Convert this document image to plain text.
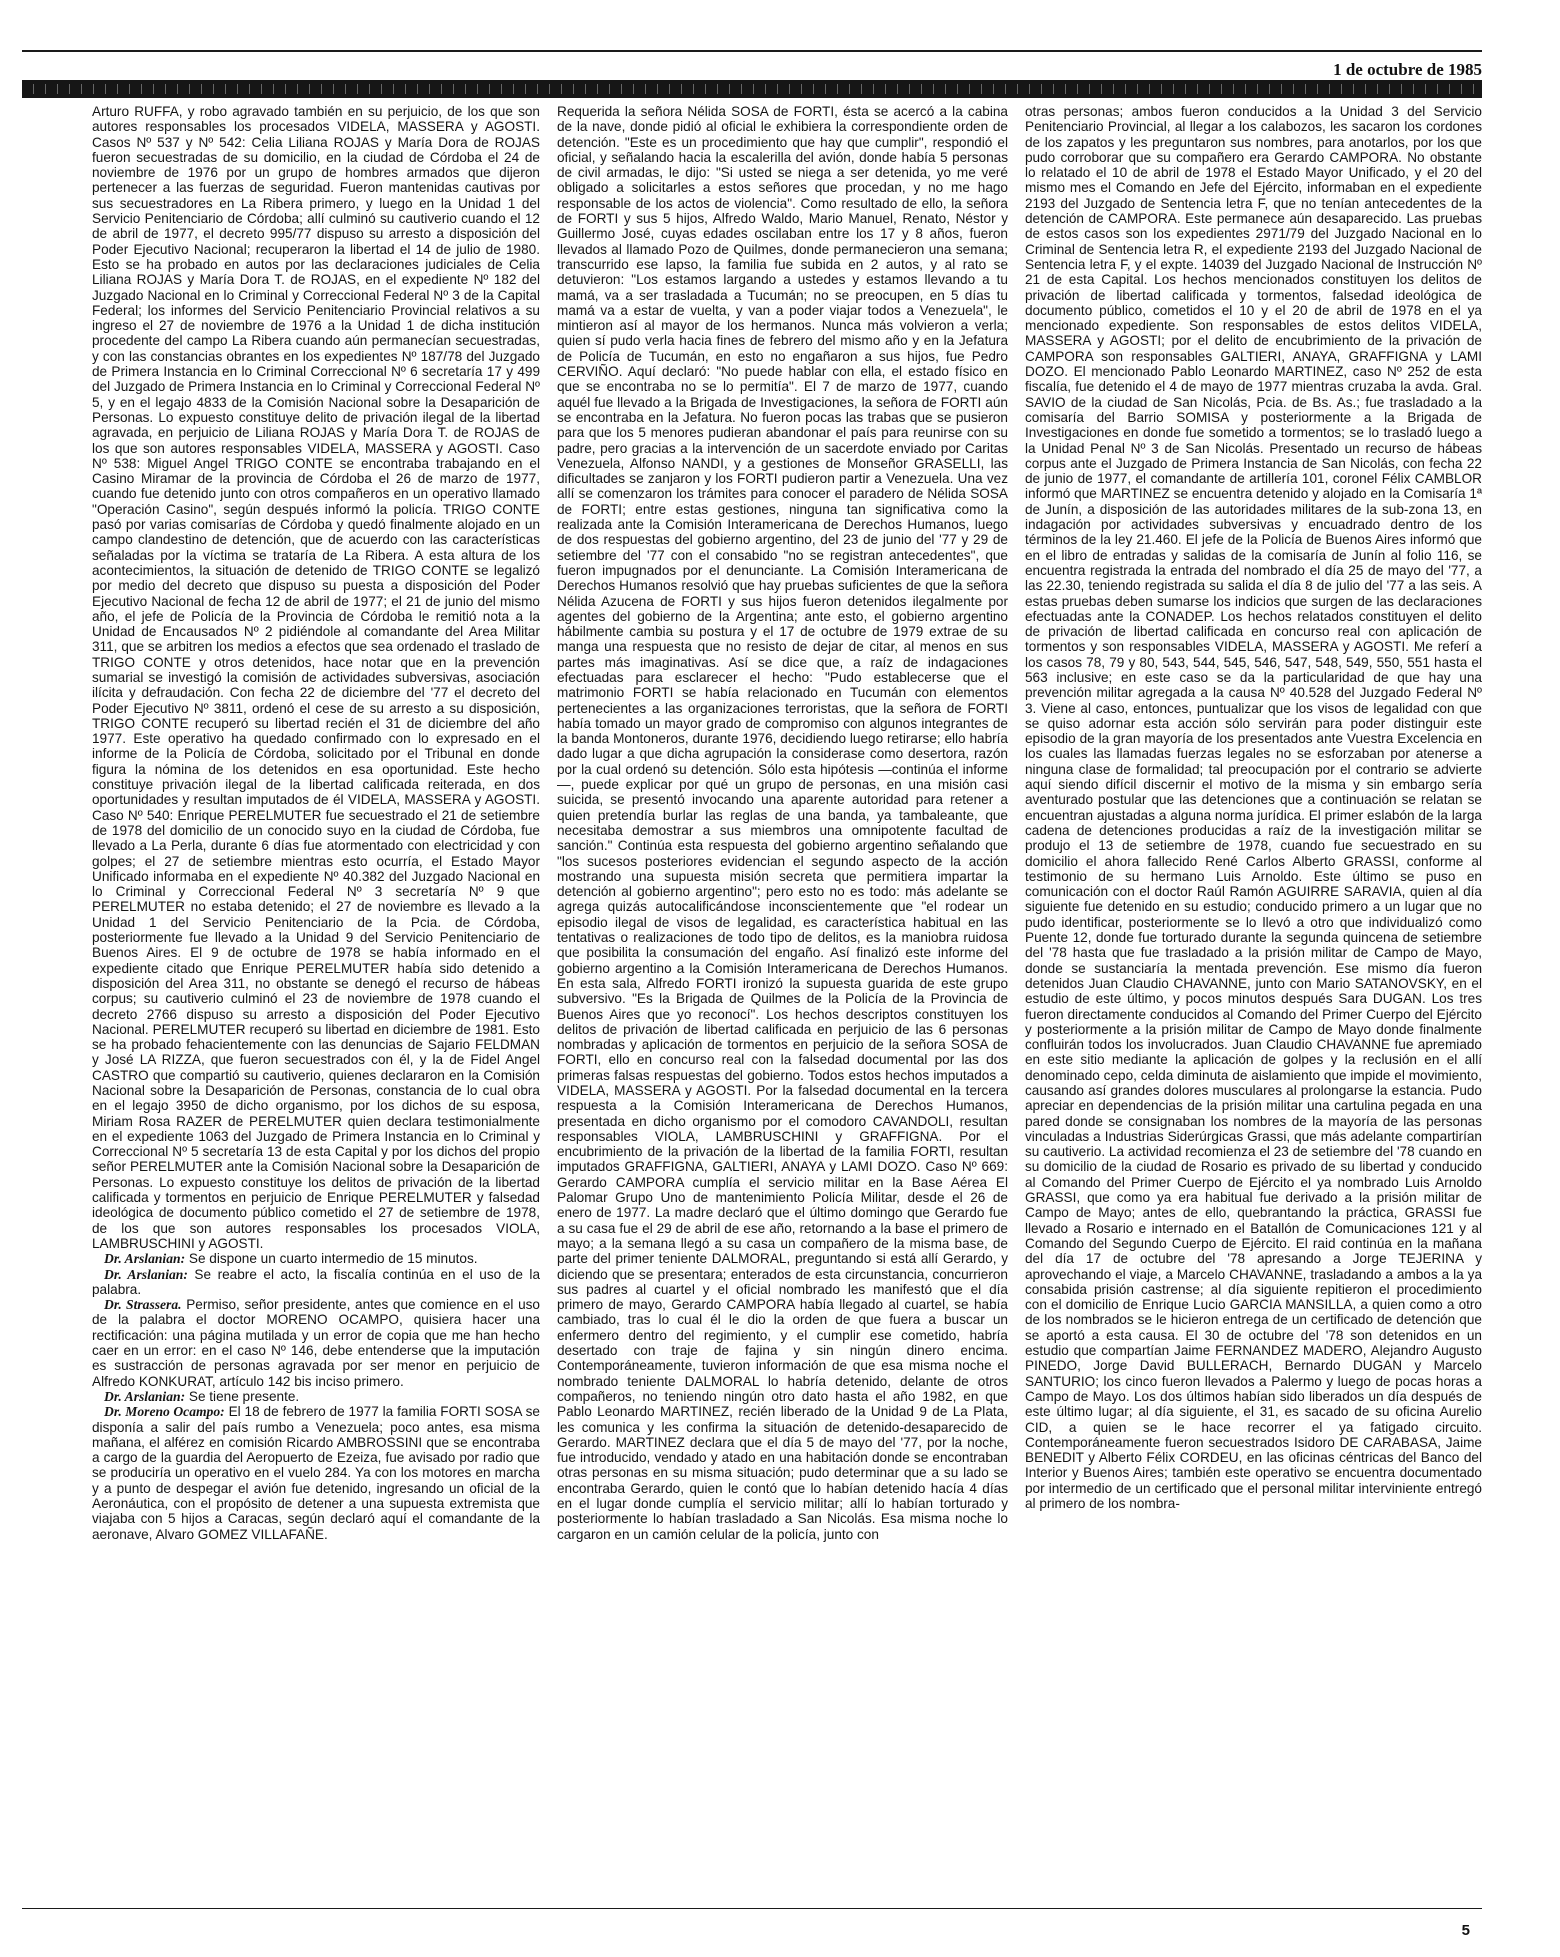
1 de octubre de 1985

Arturo RUFFA, y robo agravado también en su perjuicio, de los que son autores responsables los procesados VIDELA, MASSERA y AGOSTI. Casos Nº 537 y Nº 542: Celia Liliana ROJAS y María Dora de ROJAS fueron secuestradas de su domicilio, en la ciudad de Córdoba el 24 de noviembre de 1976 por un grupo de hombres armados que dijeron pertenecer a las fuerzas de seguridad. Fueron mantenidas cautivas por sus secuestradores en La Ribera primero, y luego en la Unidad 1 del Servicio Penitenciario de Córdoba; allí culminó su cautiverio cuando el 12 de abril de 1977, el decreto 995/77 dispuso su arresto a disposición del Poder Ejecutivo Nacional; recuperaron la libertad el 14 de julio de 1980. Esto se ha probado en autos por las declaraciones judiciales de Celia Liliana ROJAS y María Dora T. de ROJAS, en el expediente Nº 182 del Juzgado Nacional en lo Criminal y Correccional Federal Nº 3 de la Capital Federal; los informes del Servicio Penitenciario Provincial relativos a su ingreso el 27 de noviembre de 1976 a la Unidad 1 de dicha institución procedente del campo La Ribera cuando aún permanecían secuestradas, y con las constancias obrantes en los expedientes Nº 187/78 del Juzgado de Primera Instancia en lo Criminal Correccional Nº 6 secretaría 17 y 499 del Juzgado de Primera Instancia en lo Criminal y Correccional Federal Nº 5, y en el legajo 4833 de la Comisión Nacional sobre la Desaparición de Personas. Lo expuesto constituye delito de privación ilegal de la libertad agravada, en perjuicio de Liliana ROJAS y María Dora T. de ROJAS de los que son autores responsables VIDELA, MASSERA y AGOSTI. Caso Nº 538: Miguel Angel TRIGO CONTE se encontraba trabajando en el Casino Miramar de la provincia de Córdoba el 26 de marzo de 1977, cuando fue detenido junto con otros compañeros en un operativo llamado "Operación Casino", según después informó la policía. TRIGO CONTE pasó por varias comisarías de Córdoba y quedó finalmente alojado en un campo clandestino de detención, que de acuerdo con las características señaladas por la víctima se trataría de La Ribera. A esta altura de los acontecimientos, la situación de detenido de TRIGO CONTE se legalizó por medio del decreto que dispuso su puesta a disposición del Poder Ejecutivo Nacional de fecha 12 de abril de 1977; el 21 de junio del mismo año, el jefe de Policía de la Provincia de Córdoba le remitió nota a la Unidad de Encausados Nº 2 pidiéndole al comandante del Area Militar 311, que se arbitren los medios a efectos que sea ordenado el traslado de TRIGO CONTE y otros detenidos, hace notar que en la prevención sumarial se investigó la comisión de actividades subversivas, asociación ilícita y defraudación. Con fecha 22 de diciembre del '77 el decreto del Poder Ejecutivo Nº 3811, ordenó el cese de su arresto a su disposición, TRIGO CONTE recuperó su libertad recién el 31 de diciembre del año 1977. Este operativo ha quedado confirmado con lo expresado en el informe de la Policía de Córdoba, solicitado por el Tribunal en donde figura la nómina de los detenidos en esa oportunidad. Este hecho constituye privación ilegal de la libertad calificada reiterada, en dos oportunidades y resultan imputados de él VIDELA, MASSERA y AGOSTI. Caso Nº 540: Enrique PERELMUTER fue secuestrado el 21 de setiembre de 1978 del domicilio de un conocido suyo en la ciudad de Córdoba, fue llevado a La Perla, durante 6 días fue atormentado con electricidad y con golpes; el 27 de setiembre mientras esto ocurría, el Estado Mayor Unificado informaba en el expediente Nº 40.382 del Juzgado Nacional en lo Criminal y Correccional Federal Nº 3 secretaría Nº 9 que PERELMUTER no estaba detenido; el 27 de noviembre es llevado a la Unidad 1 del Servicio Penitenciario de la Pcia. de Córdoba, posteriormente fue llevado a la Unidad 9 del Servicio Penitenciario de Buenos Aires. El 9 de octubre de 1978 se había informado en el expediente citado que Enrique PERELMUTER había sido detenido a disposición del Area 311, no obstante se denegó el recurso de hábeas corpus; su cautiverio culminó el 23 de noviembre de 1978 cuando el decreto 2766 dispuso su arresto a disposición del Poder Ejecutivo Nacional. PERELMUTER recuperó su libertad en diciembre de 1981. Esto se ha probado fehacientemente con las denuncias de Sajario FELDMAN y José LA RIZZA, que fueron secuestrados con él, y la de Fidel Angel CASTRO que compartió su cautiverio, quienes declararon en la Comisión Nacional sobre la Desaparición de Personas, constancia de lo cual obra en el legajo 3950 de dicho organismo, por los dichos de su esposa, Miriam Rosa RAZER de PERELMUTER quien declara testimonialmente en el expediente 1063 del Juzgado de Primera Instancia en lo Criminal y Correccional Nº 5 secretaría 13 de esta Capital y por los dichos del propio señor PERELMUTER ante la Comisión Nacional sobre la Desaparición de Personas. Lo expuesto constituye los delitos de privación de la libertad calificada y tormentos en perjuicio de Enrique PERELMUTER y falsedad ideológica de documento público cometido el 27 de setiembre de 1978, de los que son autores responsables los procesados VIOLA, LAMBRUSCHINI y AGOSTI.

Dr. Arslanian: Se dispone un cuarto intermedio de 15 minutos.

Dr. Arslanian: Se reabre el acto, la fiscalía continúa en el uso de la palabra.

Dr. Strassera. Permiso, señor presidente, antes que comience en el uso de la palabra el doctor MORENO OCAMPO, quisiera hacer una rectificación: una página mutilada y un error de copia que me han hecho caer en un error: en el caso Nº 146, debe entenderse que la imputación es sustracción de personas agravada por ser menor en perjuicio de Alfredo KONKURAT, artículo 142 bis inciso primero.

Dr. Arslanian: Se tiene presente.

Dr. Moreno Ocampo: El 18 de febrero de 1977 la familia FORTI SOSA se disponía a salir del país rumbo a Venezuela; poco antes, esa misma mañana, el alférez en comisión Ricardo AMBROSSINI que se encontraba a cargo de la guardia del Aeropuerto de Ezeiza, fue avisado por radio que se produciría un operativo en el vuelo 284. Ya con los motores en marcha y a punto de despegar el avión fue detenido, ingresando un oficial de la Aeronáutica, con el propósito de detener a una supuesta extremista que viajaba con 5 hijos a Caracas, según declaró aquí el comandante de la aeronave, Alvaro GOMEZ VILLAFAÑE.

Requerida la señora Nélida SOSA de FORTI, ésta se acercó a la cabina de la nave, donde pidió al oficial le exhibiera la correspondiente orden de detención. "Este es un procedimiento que hay que cumplir", respondió el oficial, y señalando hacia la escalerilla del avión, donde había 5 personas de civil armadas, le dijo: "Si usted se niega a ser detenida, yo me veré obligado a solicitarles a estos señores que procedan, y no me hago responsable de los actos de violencia". Como resultado de ello, la señora de FORTI y sus 5 hijos, Alfredo Waldo, Mario Manuel, Renato, Néstor y Guillermo José, cuyas edades oscilaban entre los 17 y 8 años, fueron llevados al llamado Pozo de Quilmes, donde permanecieron una semana; transcurrido ese lapso, la familia fue subida en 2 autos, y al rato se detuvieron: "Los estamos largando a ustedes y estamos llevando a tu mamá, va a ser trasladada a Tucumán; no se preocupen, en 5 días tu mamá va a estar de vuelta, y van a poder viajar todos a Venezuela", le mintieron así al mayor de los hermanos. Nunca más volvieron a verla; quien sí pudo verla hacia fines de febrero del mismo año y en la Jefatura de Policía de Tucumán, en esto no engañaron a sus hijos, fue Pedro CERVIÑO. Aquí declaró: "No puede hablar con ella, el estado físico en que se encontraba no se lo permitía". El 7 de marzo de 1977, cuando aquél fue llevado a la Brigada de Investigaciones, la señora de FORTI aún se encontraba en la Jefatura. No fueron pocas las trabas que se pusieron para que los 5 menores pudieran abandonar el país para reunirse con su padre, pero gracias a la intervención de un sacerdote enviado por Caritas Venezuela, Alfonso NANDI, y a gestiones de Monseñor GRASELLI, las dificultades se zanjaron y los FORTI pudieron partir a Venezuela. Una vez allí se comenzaron los trámites para conocer el paradero de Nélida SOSA de FORTI; entre estas gestiones, ninguna tan significativa como la realizada ante la Comisión Interamericana de Derechos Humanos, luego de dos respuestas del gobierno argentino, del 23 de junio del '77 y 29 de setiembre del '77 con el consabido "no se registran antecedentes", que fueron impugnados por el denunciante. La Comisión Interamericana de Derechos Humanos resolvió que hay pruebas suficientes de que la señora Nélida Azucena de FORTI y sus hijos fueron detenidos ilegalmente por agentes del gobierno de la Argentina; ante esto, el gobierno argentino hábilmente cambia su postura y el 17 de octubre de 1979 extrae de su manga una respuesta que no resisto de dejar de citar, al menos en sus partes más imaginativas. Así se dice que, a raíz de indagaciones efectuadas para esclarecer el hecho: "Pudo establecerse que el matrimonio FORTI se había relacionado en Tucumán con elementos pertenecientes a las organizaciones terroristas, que la señora de FORTI había tomado un mayor grado de compromiso con algunos integrantes de la banda Montoneros, durante 1976, decidiendo luego retirarse; ello habría dado lugar a que dicha agrupación la considerase como desertora, razón por la cual ordenó su detención. Sólo esta hipótesis —continúa el informe—, puede explicar por qué un grupo de personas, en una misión casi suicida, se presentó invocando una aparente autoridad para retener a quien pretendía burlar las reglas de una banda, ya tambaleante, que necesitaba demostrar a sus miembros una omnipotente facultad de sanción." Continúa esta respuesta del gobierno argentino señalando que "los sucesos posteriores evidencian el segundo aspecto de la acción mostrando una supuesta misión secreta que permitiera impartar la detención al gobierno argentino"; pero esto no es todo: más adelante se agrega quizás autocalificándose inconscientemente que "el rodear un episodio ilegal de visos de legalidad, es característica habitual en las tentativas o realizaciones de todo tipo de delitos, es la maniobra ruidosa que posibilita la consumación del engaño. Así finalizó este informe del gobierno argentino a la Comisión Interamericana de Derechos Humanos. En esta sala, Alfredo FORTI ironizó la supuesta guarida de este grupo subversivo. "Es la Brigada de Quilmes de la Policía de la Provincia de Buenos Aires que yo reconocí". Los hechos descriptos constituyen los delitos de privación de libertad calificada en perjuicio de las 6 personas nombradas y aplicación de tormentos en perjuicio de la señora SOSA de FORTI, ello en concurso real con la falsedad documental por las dos primeras falsas respuestas del gobierno. Todos estos hechos imputados a VIDELA, MASSERA y AGOSTI. Por la falsedad documental en la tercera respuesta a la Comisión Interamericana de Derechos Humanos, presentada en dicho organismo por el comodoro CAVANDOLI, resultan responsables VIOLA, LAMBRUSCHINI y GRAFFIGNA. Por el encubrimiento de la privación de la libertad de la familia FORTI, resultan imputados GRAFFIGNA, GALTIERI, ANAYA y LAMI DOZO. Caso Nº 669: Gerardo CAMPORA cumplía el servicio militar en la Base Aérea El Palomar Grupo Uno de mantenimiento Policía Militar, desde el 26 de enero de 1977. La madre declaró que el último domingo que Gerardo fue a su casa fue el 29 de abril de ese año, retornando a la base el primero de mayo; a la semana llegó a su casa un compañero de la misma base, de parte del primer teniente DALMORAL, preguntando si está allí Gerardo, y diciendo que se presentara; enterados de esta circunstancia, concurrieron sus padres al cuartel y el oficial nombrado les manifestó que el día primero de mayo, Gerardo CAMPORA había llegado al cuartel, se había cambiado, tras lo cual él le dio la orden de que fuera a buscar un enfermero dentro del regimiento, y el cumplir ese cometido, habría desertado con traje de fajina y sin ningún dinero encima. Contemporáneamente, tuvieron información de que esa misma noche el nombrado teniente DALMORAL lo habría detenido, delante de otros compañeros, no teniendo ningún otro dato hasta el año 1982, en que Pablo Leonardo MARTINEZ, recién liberado de la Unidad 9 de La Plata, les comunica y les confirma la situación de detenido-desaparecido de Gerardo. MARTINEZ declara que el día 5 de mayo del '77, por la noche, fue introducido, vendado y atado en una habitación donde se encontraban otras personas en su misma situación; pudo determinar que a su lado se encontraba Gerardo, quien le contó que lo habían detenido hacía 4 días en el lugar donde cumplía el servicio militar; allí lo habían torturado y posteriormente lo habían trasladado a San Nicolás. Esa misma noche lo cargaron en un camión celular de la policía, junto con

otras personas; ambos fueron conducidos a la Unidad 3 del Servicio Penitenciario Provincial, al llegar a los calabozos, les sacaron los cordones de los zapatos y les preguntaron sus nombres, para anotarlos, por los que pudo corroborar que su compañero era Gerardo CAMPORA. No obstante lo relatado el 10 de abril de 1978 el Estado Mayor Unificado, y el 20 del mismo mes el Comando en Jefe del Ejército, informaban en el expediente 2193 del Juzgado de Sentencia letra F, que no tenían antecedentes de la detención de CAMPORA. Este permanece aún desaparecido. Las pruebas de estos casos son los expedientes 2971/79 del Juzgado Nacional en lo Criminal de Sentencia letra R, el expediente 2193 del Juzgado Nacional de Sentencia letra F, y el expte. 14039 del Juzgado Nacional de Instrucción Nº 21 de esta Capital. Los hechos mencionados constituyen los delitos de privación de libertad calificada y tormentos, falsedad ideológica de documento público, cometidos el 10 y el 20 de abril de 1978 en el ya mencionado expediente. Son responsables de estos delitos VIDELA, MASSERA y AGOSTI; por el delito de encubrimiento de la privación de CAMPORA son responsables GALTIERI, ANAYA, GRAFFIGNA y LAMI DOZO. El mencionado Pablo Leonardo MARTINEZ, caso Nº 252 de esta fiscalía, fue detenido el 4 de mayo de 1977 mientras cruzaba la avda. Gral. SAVIO de la ciudad de San Nicolás, Pcia. de Bs. As.; fue trasladado a la comisaría del Barrio SOMISA y posteriormente a la Brigada de Investigaciones en donde fue sometido a tormentos; se lo trasladó luego a la Unidad Penal Nº 3 de San Nicolás. Presentado un recurso de hábeas corpus ante el Juzgado de Primera Instancia de San Nicolás, con fecha 22 de junio de 1977, el comandante de artillería 101, coronel Félix CAMBLOR informó que MARTINEZ se encuentra detenido y alojado en la Comisaría 1ª de Junín, a disposición de las autoridades militares de la sub-zona 13, en indagación por actividades subversivas y encuadrado dentro de los términos de la ley 21.460. El jefe de la Policía de Buenos Aires informó que en el libro de entradas y salidas de la comisaría de Junín al folio 116, se encuentra registrada la entrada del nombrado el día 25 de mayo del '77, a las 22.30, teniendo registrada su salida el día 8 de julio del '77 a las seis. A estas pruebas deben sumarse los indicios que surgen de las declaraciones efectuadas ante la CONADEP. Los hechos relatados constituyen el delito de privación de libertad calificada en concurso real con aplicación de tormentos y son responsables VIDELA, MASSERA y AGOSTI. Me referí a los casos 78, 79 y 80, 543, 544, 545, 546, 547, 548, 549, 550, 551 hasta el 563 inclusive; en este caso se da la particularidad de que hay una prevención militar agregada a la causa Nº 40.528 del Juzgado Federal Nº 3. Viene al caso, entonces, puntualizar que los visos de legalidad con que se quiso adornar esta acción sólo servirán para poder distinguir este episodio de la gran mayoría de los presentados ante Vuestra Excelencia en los cuales las llamadas fuerzas legales no se esforzaban por atenerse a ninguna clase de formalidad; tal preocupación por el contrario se advierte aquí siendo difícil discernir el motivo de la misma y sin embargo sería aventurado postular que las detenciones que a continuación se relatan se encuentran ajustadas a alguna norma jurídica. El primer eslabón de la larga cadena de detenciones producidas a raíz de la investigación militar se produjo el 13 de setiembre de 1978, cuando fue secuestrado en su domicilio el ahora fallecido René Carlos Alberto GRASSI, conforme al testimonio de su hermano Luis Arnoldo. Este último se puso en comunicación con el doctor Raúl Ramón AGUIRRE SARAVIA, quien al día siguiente fue detenido en su estudio; conducido primero a un lugar que no pudo identificar, posteriormente se lo llevó a otro que individualizó como Puente 12, donde fue torturado durante la segunda quincena de setiembre del '78 hasta que fue trasladado a la prisión militar de Campo de Mayo, donde se sustanciaría la mentada prevención. Ese mismo día fueron detenidos Juan Claudio CHAVANNE, junto con Mario SATANOVSKY, en el estudio de este último, y pocos minutos después Sara DUGAN. Los tres fueron directamente conducidos al Comando del Primer Cuerpo del Ejército y posteriormente a la prisión militar de Campo de Mayo donde finalmente confluirán todos los involucrados. Juan Claudio CHAVANNE fue apremiado en este sitio mediante la aplicación de golpes y la reclusión en el allí denominado cepo, celda diminuta de aislamiento que impide el movimiento, causando así grandes dolores musculares al prolongarse la estancia. Pudo apreciar en dependencias de la prisión militar una cartulina pegada en una pared donde se consignaban los nombres de la mayoría de las personas vinculadas a Industrias Siderúrgicas Grassi, que más adelante compartirían su cautiverio. La actividad recomienza el 23 de setiembre del '78 cuando en su domicilio de la ciudad de Rosario es privado de su libertad y conducido al Comando del Primer Cuerpo de Ejército el ya nombrado Luis Arnoldo GRASSI, que como ya era habitual fue derivado a la prisión militar de Campo de Mayo; antes de ello, quebrantando la práctica, GRASSI fue llevado a Rosario e internado en el Batallón de Comunicaciones 121 y al Comando del Segundo Cuerpo de Ejército. El raid continúa en la mañana del día 17 de octubre del '78 apresando a Jorge TEJERINA y aprovechando el viaje, a Marcelo CHAVANNE, trasladando a ambos a la ya consabida prisión castrense; al día siguiente repitieron el procedimiento con el domicilio de Enrique Lucio GARCIA MANSILLA, a quien como a otro de los nombrados se le hicieron entrega de un certificado de detención que se aportó a esta causa. El 30 de octubre del '78 son detenidos en un estudio que compartían Jaime FERNANDEZ MADERO, Alejandro Augusto PINEDO, Jorge David BULLERACH, Bernardo DUGAN y Marcelo SANTURIO; los cinco fueron llevados a Palermo y luego de pocas horas a Campo de Mayo. Los dos últimos habían sido liberados un día después de este último lugar; al día siguiente, el 31, es sacado de su oficina Aurelio CID, a quien se le hace recorrer el ya fatigado circuito. Contemporáneamente fueron secuestrados Isidoro DE CARABASA, Jaime BENEDIT y Alberto Félix CORDEU, en las oficinas céntricas del Banco del Interior y Buenos Aires; también este operativo se encuentra documentado por intermedio de un certificado que el personal militar interviniente entregó al primero de los nombra-

5
